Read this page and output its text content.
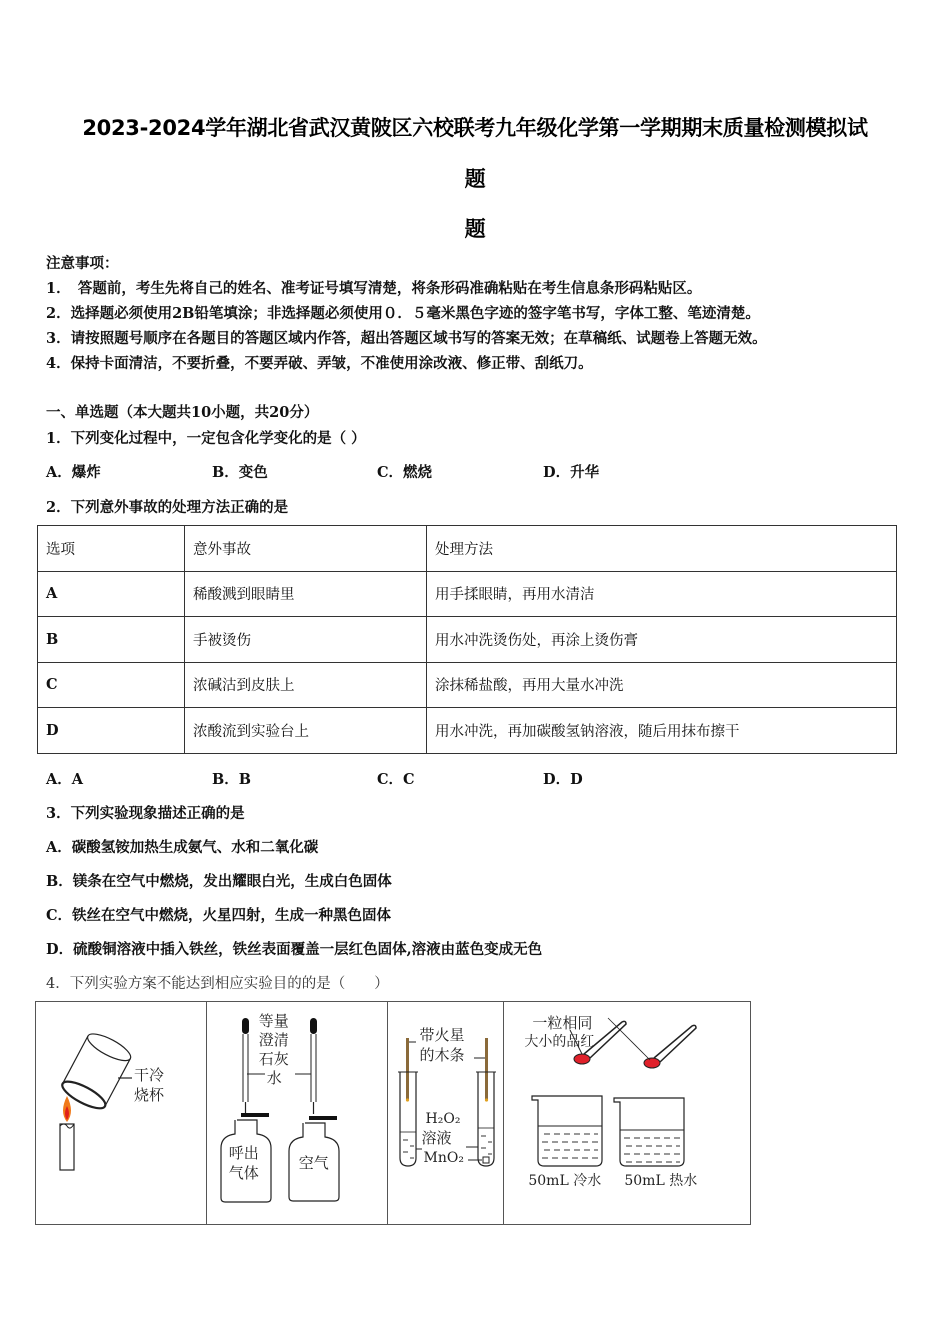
2023-2024学年湖北省武汉黄陂区六校联考九年级化学第一学期期末质量检测模拟试
题
题
注意事项：
1．　答题前，考生先将自己的姓名、准考证号填写清楚，将条形码准确粘贴在考生信息条形码粘贴区。
2．选择题必须使用2B铅笔填涂；非选择题必须使用０．５毫米黑色字迹的签字笔书写，字体工整、笔迹清楚。
3．请按照题号顺序在各题目的答题区域内作答，超出答题区域书写的答案无效；在草稿纸、试题卷上答题无效。
4．保持卡面清洁，不要折叠，不要弄破、弄皱，不准使用涂改液、修正带、刮纸刀。
一、单选题（本大题共10小题，共20分）
1．下列变化过程中，一定包含化学变化的是（ ）
A．爆炸	B．变色	C．燃烧	D．升华
2．下列意外事故的处理方法正确的是
选项	意外事故	处理方法
A	稀酸溅到眼睛里	用手揉眼睛，再用水清洁
B	手被烫伤	用水冲洗烫伤处，再涂上烫伤膏
C	浓碱沽到皮肤上	涂抹稀盐酸，再用大量水冲洗
D	浓酸流到实验台上	用水冲洗，再加碳酸氢钠溶液，随后用抹布擦干
A．A	B．B	C．C	D．D
3．下列实验现象描述正确的是
A．碳酸氢铵加热生成氨气、水和二氧化碳
B．镁条在空气中燃烧，发出耀眼白光，生成白色固体
C．铁丝在空气中燃烧，火星四射，生成一种黑色固体
D．硫酸铜溶液中插入铁丝，铁丝表面覆盖一层红色固体,溶液由蓝色变成无色
4．下列实验方案不能达到相应实验目的的是（　　）
干冷
烧杯
等量
澄清
石灰
水
呼出
气体
空气
带火星
的木条
H₂O₂
溶液
MnO₂
一粒相同
大小的品红
50mL 冷水 50mL 热水
